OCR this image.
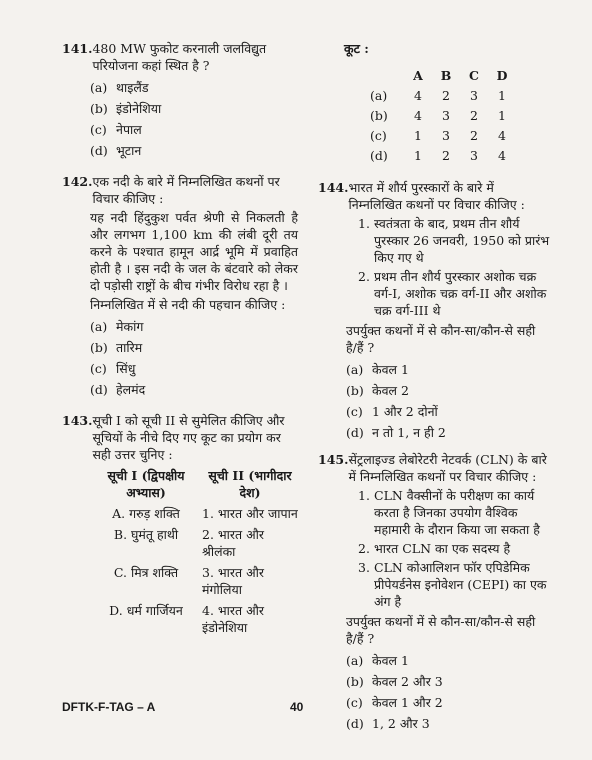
141. 480 MW फुकोट करनाली जलविद्युत परियोजना कहां स्थित है ?
(a) थाइलैंड
(b) इंडोनेशिया
(c) नेपाल
(d) भूटान
142. एक नदी के बारे में निम्नलिखित कथनों पर विचार कीजिए :
यह नदी हिंदुकुश पर्वत श्रेणी से निकलती है और लगभग 1,100 km की लंबी दूरी तय करने के पश्चात हामून आर्द्र भूमि में प्रवाहित होती है । इस नदी के जल के बंटवारे को लेकर दो पड़ोसी राष्ट्रों के बीच गंभीर विरोध रहा है ।
निम्नलिखित में से नदी की पहचान कीजिए :
(a) मेकांग
(b) तारिम
(c) सिंधु
(d) हेलमंद
143. सूची I को सूची II से सुमेलित कीजिए और सूचियों के नीचे दिए गए कूट का प्रयोग कर सही उत्तर चुनिए :
सूची I (द्विपक्षीय अभ्यास)
सूची II (भागीदार देश)
A. गरुड़ शक्ति	1. भारत और जापान
B. घुमंतू हाथी	2. भारत और श्रीलंका
C. मित्र शक्ति	3. भारत और मंगोलिया
D. धर्म गार्जियन	4. भारत और इंडोनेशिया
कूट :
	A	B	C	D
(a)	4	2	3	1
(b)	4	3	2	1
(c)	1	3	2	4
(d)	1	2	3	4
144. भारत में शौर्य पुरस्कारों के बारे में निम्नलिखित कथनों पर विचार कीजिए :
1. स्वतंत्रता के बाद, प्रथम तीन शौर्य पुरस्कार 26 जनवरी, 1950 को प्रारंभ किए गए थे
2. प्रथम तीन शौर्य पुरस्कार अशोक चक्र वर्ग-I, अशोक चक्र वर्ग-II और अशोक चक्र वर्ग-III थे
उपर्युक्त कथनों में से कौन-सा/कौन-से सही है/हैं ?
(a) केवल 1
(b) केवल 2
(c) 1 और 2 दोनों
(d) न तो 1, न ही 2
145. सेंट्रलाइज्ड लेबोरेटरी नेटवर्क (CLN) के बारे में निम्नलिखित कथनों पर विचार कीजिए :
1. CLN वैक्सीनों के परीक्षण का कार्य करता है जिनका उपयोग वैश्विक महामारी के दौरान किया जा सकता है
2. भारत CLN का एक सदस्य है
3. CLN कोआलिशन फॉर एपिडेमिक प्रीपेयर्डनेस इनोवेशन (CEPI) का एक अंग है
उपर्युक्त कथनों में से कौन-सा/कौन-से सही है/हैं ?
(a) केवल 1
(b) केवल 2 और 3
(c) केवल 1 और 2
(d) 1, 2 और 3
DFTK-F-TAG – A	40
